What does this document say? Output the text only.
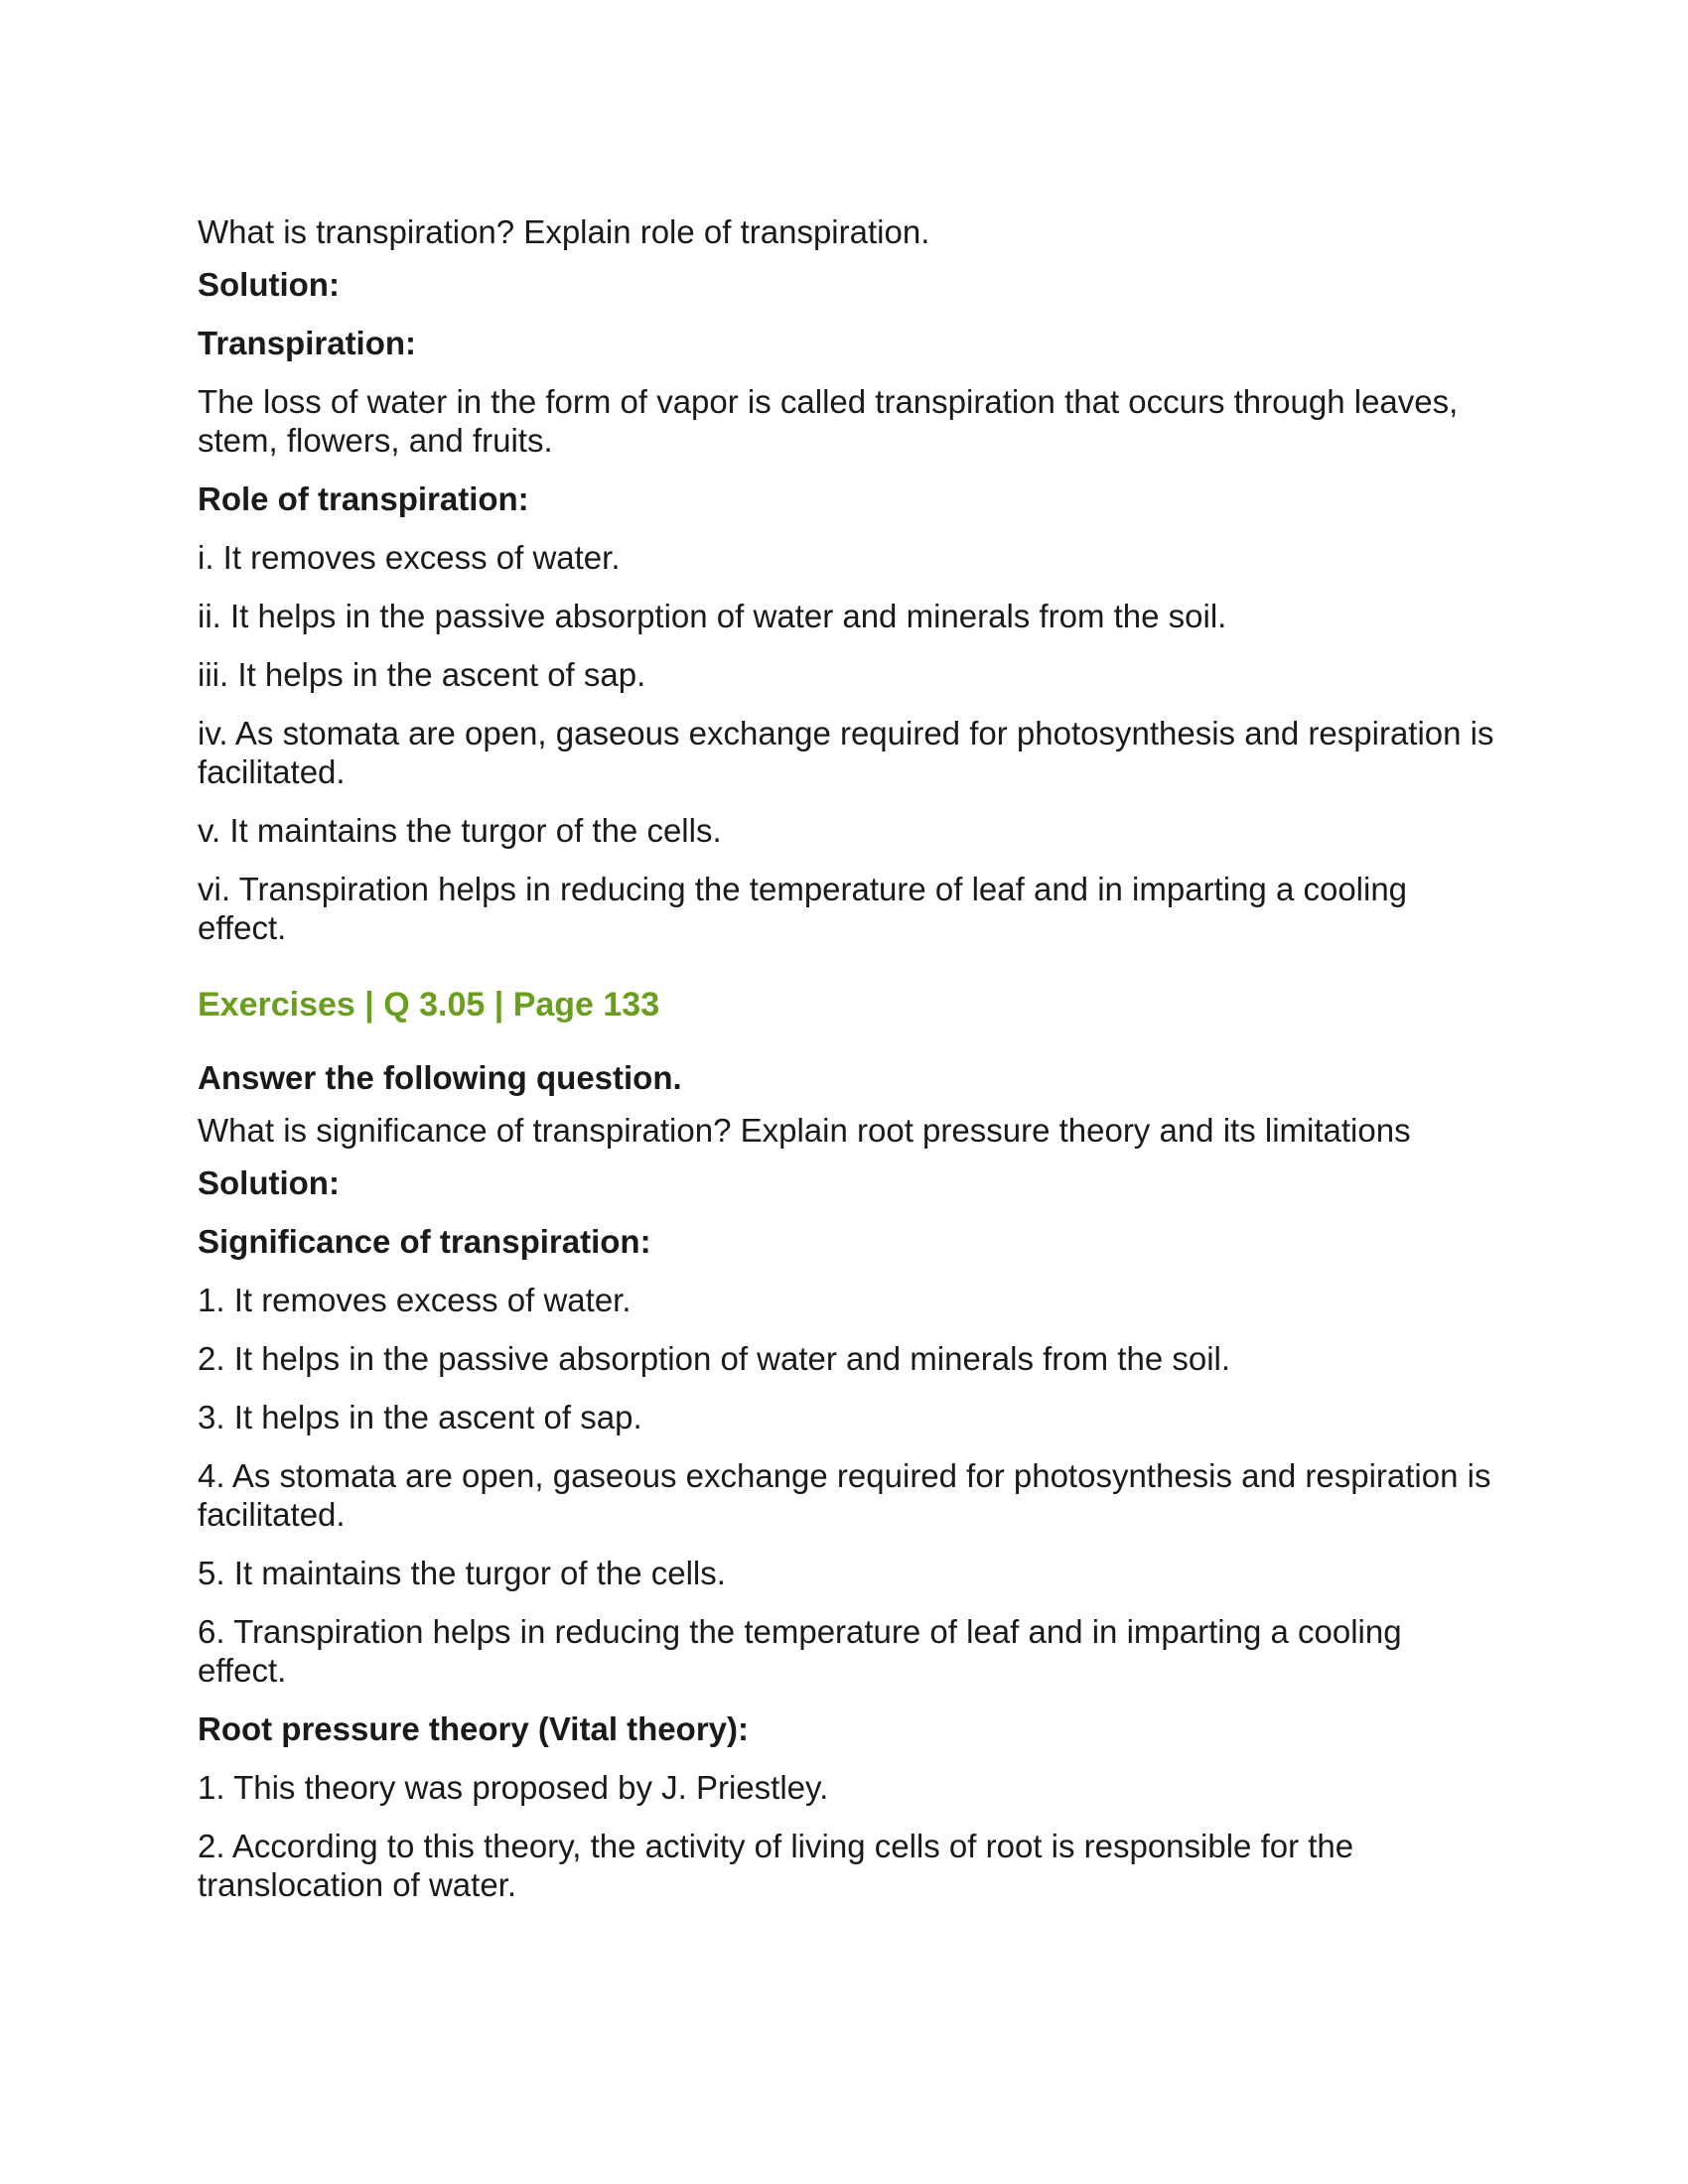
What is transpiration? Explain role of transpiration.

Solution:

Transpiration:

The loss of water in the form of vapor is called transpiration that occurs through leaves, stem, flowers, and fruits.

Role of transpiration:

i. It removes excess of water.

ii. It helps in the passive absorption of water and minerals from the soil.

iii. It helps in the ascent of sap.

iv. As stomata are open, gaseous exchange required for photosynthesis and respiration is facilitated.

v. It maintains the turgor of the cells.

vi. Transpiration helps in reducing the temperature of leaf and in imparting a cooling effect.

Exercises | Q 3.05 | Page 133

Answer the following question.

What is significance of transpiration? Explain root pressure theory and its limitations

Solution:

Significance of transpiration:

1. It removes excess of water.

2. It helps in the passive absorption of water and minerals from the soil.

3. It helps in the ascent of sap.

4. As stomata are open, gaseous exchange required for photosynthesis and respiration is facilitated.

5. It maintains the turgor of the cells.

6. Transpiration helps in reducing the temperature of leaf and in imparting a cooling effect.

Root pressure theory (Vital theory):

1. This theory was proposed by J. Priestley.

2. According to this theory, the activity of living cells of root is responsible for the translocation of water.
